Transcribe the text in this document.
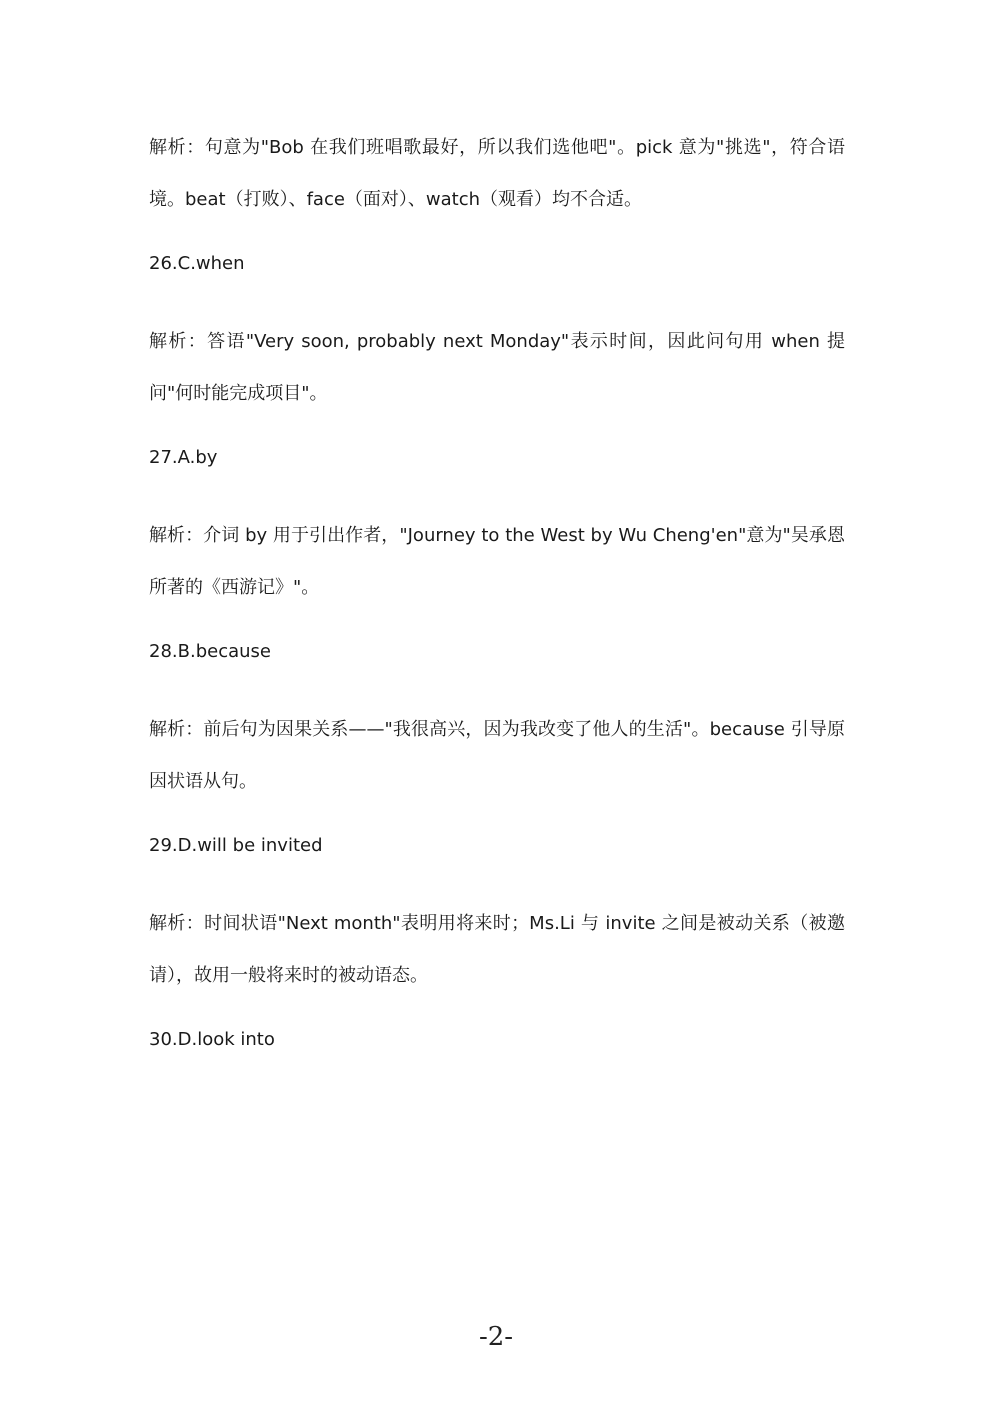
解析：句意为"Bob 在我们班唱歌最好，所以我们选他吧"。pick 意为"挑选"，符合语境。beat（打败）、face（面对）、watch（观看）均不合适。

26.C.when

解析：答语"Very soon, probably next Monday"表示时间，因此问句用 when 提问"何时能完成项目"。

27.A.by

解析：介词 by 用于引出作者，"Journey to the West by Wu Cheng'en"意为"吴承恩所著的《西游记》"。

28.B.because

解析：前后句为因果关系——"我很高兴，因为我改变了他人的生活"。because 引导原因状语从句。

29.D.will be invited

解析：时间状语"Next month"表明用将来时；Ms.Li 与 invite 之间是被动关系（被邀请），故用一般将来时的被动语态。

30.D.look into

-2-
